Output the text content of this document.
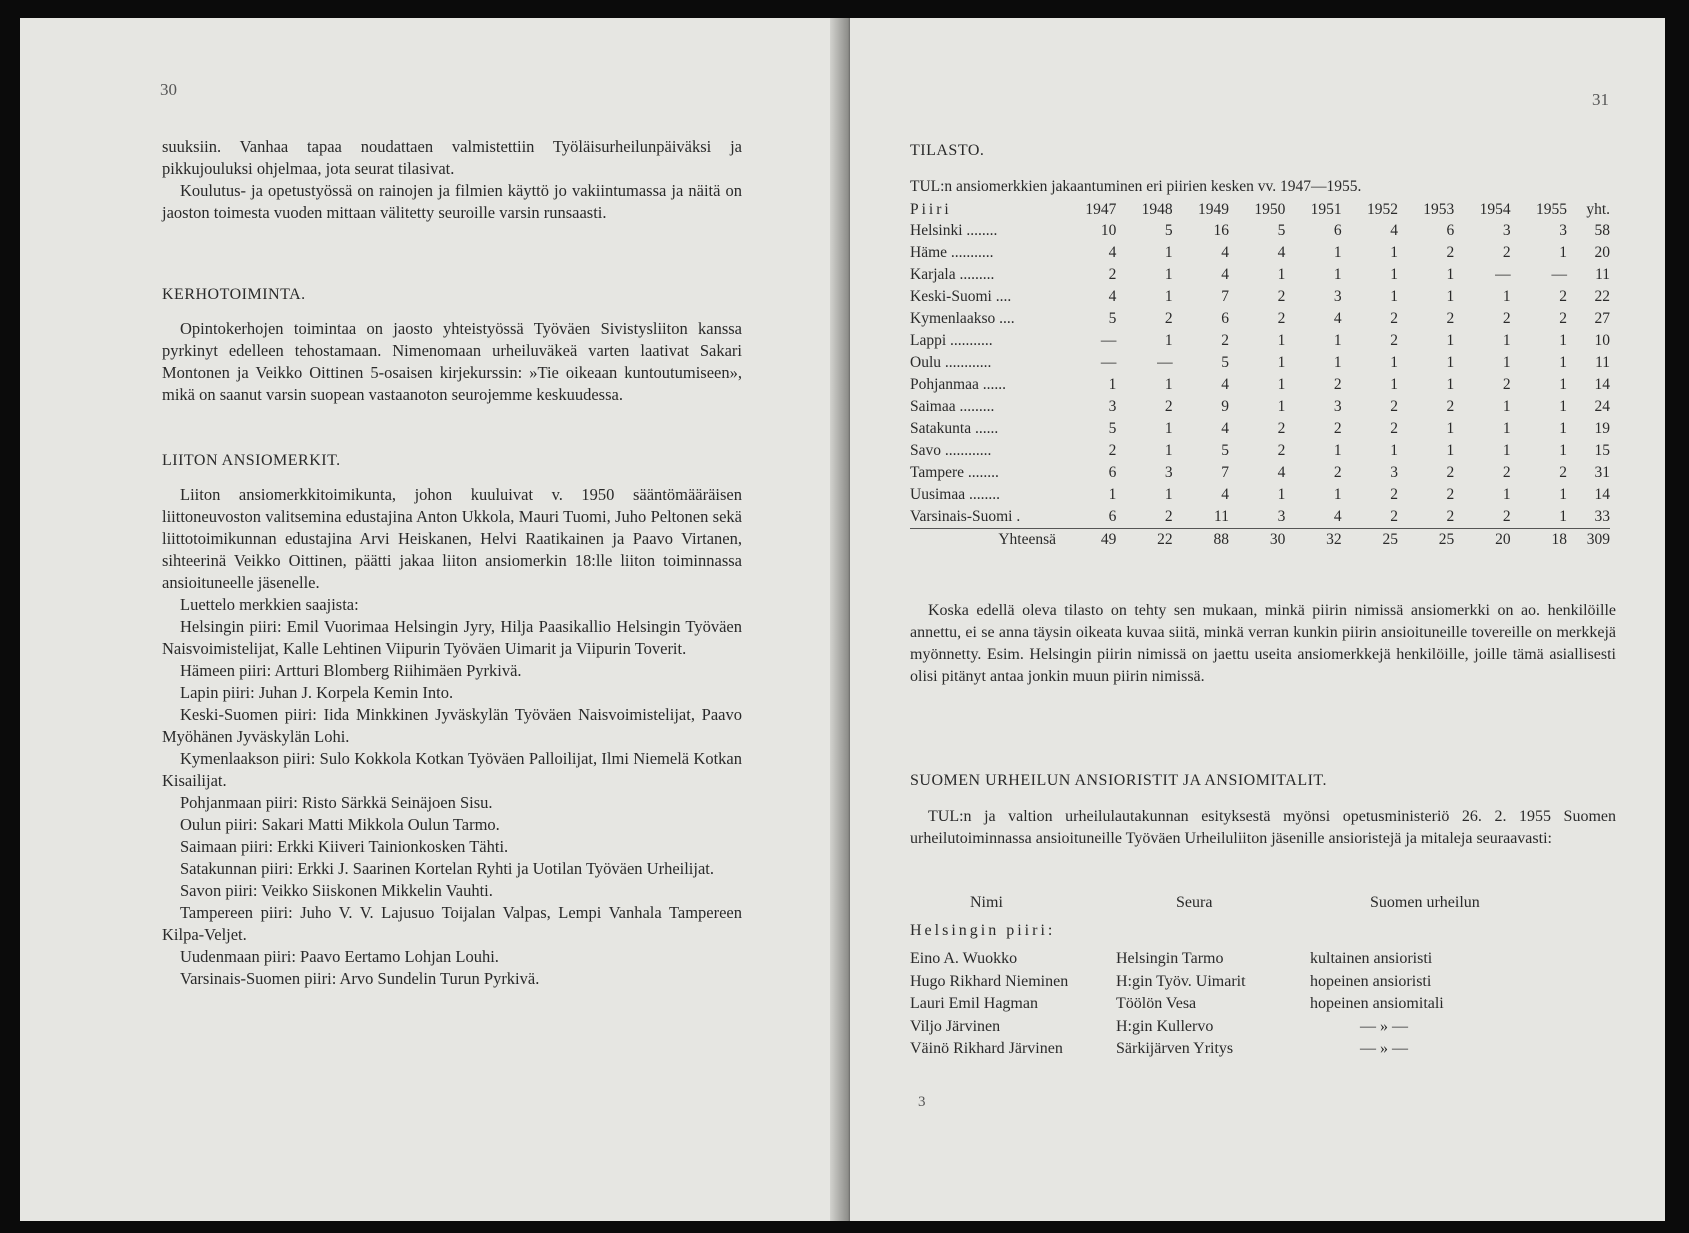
30

suuksiin. Vanhaa tapaa noudattaen valmistettiin Työläisurheilunpäiväksi ja pikkujouluksi ohjelmaa, jota seurat tilasivat.

Koulutus- ja opetustyössä on rainojen ja filmien käyttö jo vakiintumassa ja näitä on jaoston toimesta vuoden mittaan välitetty seuroille varsin runsaasti.

KERHOTOIMINTA.

Opintokerhojen toimintaa on jaosto yhteistyössä Työväen Sivistysliiton kanssa pyrkinyt edelleen tehostamaan. Nimenomaan urheiluväkeä varten laativat Sakari Montonen ja Veikko Oittinen 5-osaisen kirjekurssin: »Tie oikeaan kuntoutumiseen», mikä on saanut varsin suopean vastaanoton seurojemme keskuudessa.

LIITON ANSIOMERKIT.

Liiton ansiomerkkitoimikunta, johon kuuluivat v. 1950 sääntömääräisen liittoneuvoston valitsemina edustajina Anton Ukkola, Mauri Tuomi, Juho Peltonen sekä liittotoimikunnan edustajina Arvi Heiskanen, Helvi Raatikainen ja Paavo Virtanen, sihteerinä Veikko Oittinen, päätti jakaa liiton ansiomerkin 18:lle liiton toiminnassa ansioituneelle jäsenelle.

Luettelo merkkien saajista:

Helsingin piiri: Emil Vuorimaa Helsingin Jyry, Hilja Paasikallio Helsingin Työväen Naisvoimistelijat, Kalle Lehtinen Viipurin Työväen Uimarit ja Viipurin Toverit.

Hämeen piiri: Artturi Blomberg Riihimäen Pyrkivä.

Lapin piiri: Juhan J. Korpela Kemin Into.

Keski-Suomen piiri: Iida Minkkinen Jyväskylän Työväen Naisvoimistelijat, Paavo Myöhänen Jyväskylän Lohi.

Kymenlaakson piiri: Sulo Kokkola Kotkan Työväen Palloilijat, Ilmi Niemelä Kotkan Kisailijat.

Pohjanmaan piiri: Risto Särkkä Seinäjoen Sisu.

Oulun piiri: Sakari Matti Mikkola Oulun Tarmo.

Saimaan piiri: Erkki Kiiveri Tainionkosken Tähti.

Satakunnan piiri: Erkki J. Saarinen Kortelan Ryhti ja Uotilan Työväen Urheilijat.

Savon piiri: Veikko Siiskonen Mikkelin Vauhti.

Tampereen piiri: Juho V. V. Lajusuo Toijalan Valpas, Lempi Vanhala Tampereen Kilpa-Veljet.

Uudenmaan piiri: Paavo Eertamo Lohjan Louhi.

Varsinais-Suomen piiri: Arvo Sundelin Turun Pyrkivä.

31
TILASTO.
TUL:n ansiomerkkien jakaantuminen eri piirien kesken vv. 1947—1955.
Piiri	1947	1948	1949	1950	1951	1952	1953	1954	1955	yht.
Helsinki ........	10	5	16	5	6	4	6	3	3	58
Häme ...........	4	1	4	4	1	1	2	2	1	20
Karjala .........	2	1	4	1	1	1	1	—	—	11
Keski-Suomi ....	4	1	7	2	3	1	1	1	2	22
Kymenlaakso ....	5	2	6	2	4	2	2	2	2	27
Lappi ...........	—	1	2	1	1	2	1	1	1	10
Oulu ............	—	—	5	1	1	1	1	1	1	11
Pohjanmaa ......	1	1	4	1	2	1	1	2	1	14
Saimaa .........	3	2	9	1	3	2	2	1	1	24
Satakunta ......	5	1	4	2	2	2	1	1	1	19
Savo ............	2	1	5	2	1	1	1	1	1	15
Tampere ........	6	3	7	4	2	3	2	2	2	31
Uusimaa ........	1	1	4	1	1	2	2	1	1	14
Varsinais-Suomi .	6	2	11	3	4	2	2	2	1	33
Yhteensä	49	22	88	30	32	25	25	20	18	309

Koska edellä oleva tilasto on tehty sen mukaan, minkä piirin nimissä ansiomerkki on ao. henkilöille annettu, ei se anna täysin oikeata kuvaa siitä, minkä verran kunkin piirin ansioituneille tovereille on merkkejä myönnetty. Esim. Helsingin piirin nimissä on jaettu useita ansiomerkkejä henkilöille, joille tämä asiallisesti olisi pitänyt antaa jonkin muun piirin nimissä.

SUOMEN URHEILUN ANSIORISTIT JA ANSIOMITALIT.

TUL:n ja valtion urheilulautakunnan esityksestä myönsi opetusministeriö 26. 2. 1955 Suomen urheilutoiminnassa ansioituneille Työväen Urheiluliiton jäsenille ansioristejä ja mitaleja seuraavasti:

Nimi	Seura	Suomen urheilun
Helsingin piiri:
Eino A. Wuokko	Helsingin Tarmo	kultainen ansioristi
Hugo Rikhard Nieminen	H:gin Työv. Uimarit	hopeinen ansioristi
Lauri Emil Hagman	Töölön Vesa	hopeinen ansiomitali
Viljo Järvinen	H:gin Kullervo	— » —
Väinö Rikhard Järvinen	Särkijärven Yritys	— » —
3
